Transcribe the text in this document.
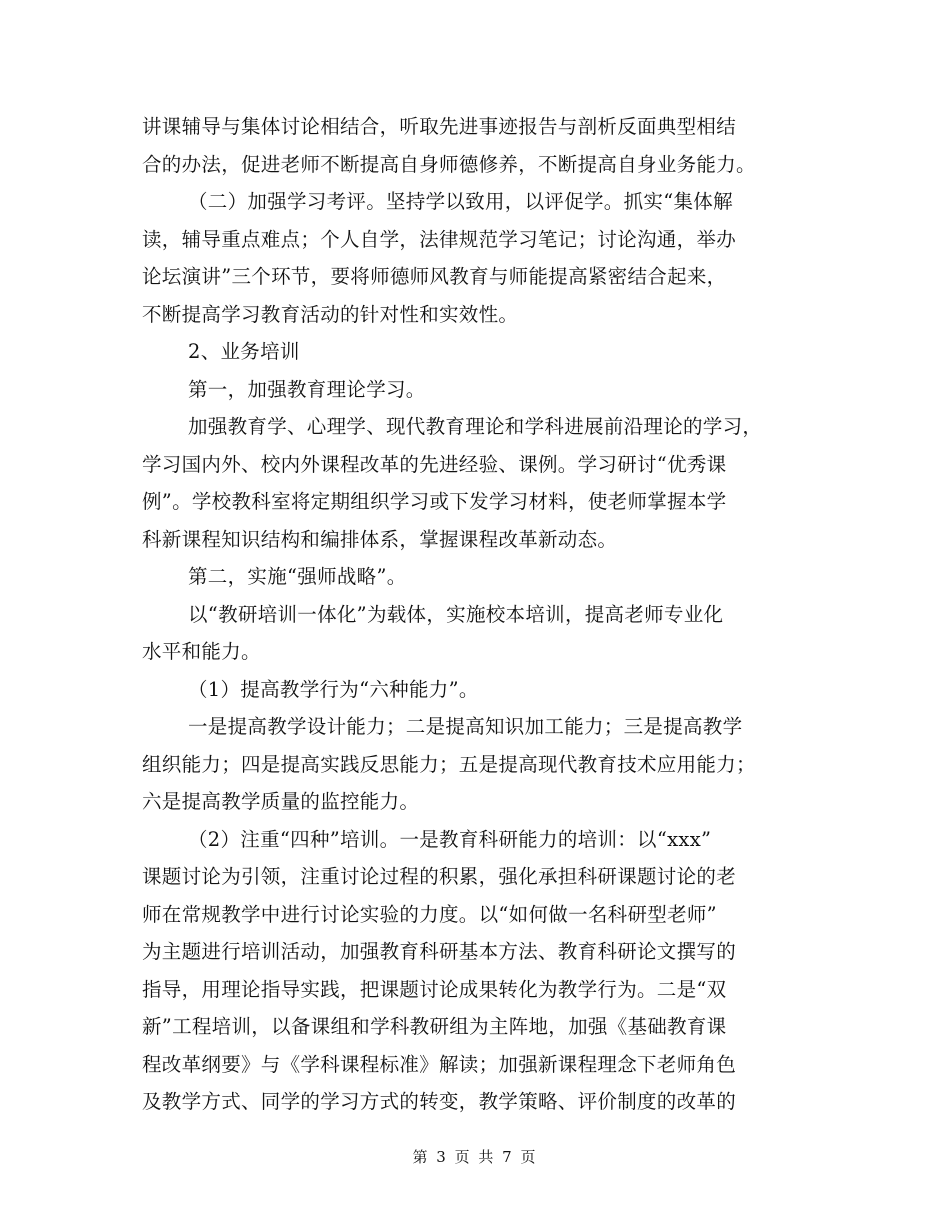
讲课辅导与集体讨论相结合，听取先进事迹报告与剖析反面典型相结
合的办法，促进老师不断提高自身师德修养，不断提高自身业务能力。
（二）加强学习考评。坚持学以致用，以评促学。抓实“集体解
读，辅导重点难点；个人自学，法律规范学习笔记；讨论沟通，举办
论坛演讲”三个环节，要将师德师风教育与师能提高紧密结合起来，
不断提高学习教育活动的针对性和实效性。
2、业务培训
第一，加强教育理论学习。
加强教育学、心理学、现代教育理论和学科进展前沿理论的学习，
学习国内外、校内外课程改革的先进经验、课例。学习研讨“优秀课
例”。学校教科室将定期组织学习或下发学习材料，使老师掌握本学
科新课程知识结构和编排体系，掌握课程改革新动态。
第二，实施“强师战略”。
以“教研培训一体化”为载体，实施校本培训，提高老师专业化
水平和能力。
（1）提高教学行为“六种能力”。
一是提高教学设计能力；二是提高知识加工能力；三是提高教学
组织能力；四是提高实践反思能力；五是提高现代教育技术应用能力；
六是提高教学质量的监控能力。
（2）注重“四种”培训。一是教育科研能力的培训：以“xxx”
课题讨论为引领，注重讨论过程的积累，强化承担科研课题讨论的老
师在常规教学中进行讨论实验的力度。以“如何做一名科研型老师”
为主题进行培训活动，加强教育科研基本方法、教育科研论文撰写的
指导，用理论指导实践，把课题讨论成果转化为教学行为。二是“双
新”工程培训，以备课组和学科教研组为主阵地，加强《基础教育课
程改革纲要》与《学科课程标准》解读；加强新课程理念下老师角色
及教学方式、同学的学习方式的转变，教学策略、评价制度的改革的
第 3 页 共 7 页
